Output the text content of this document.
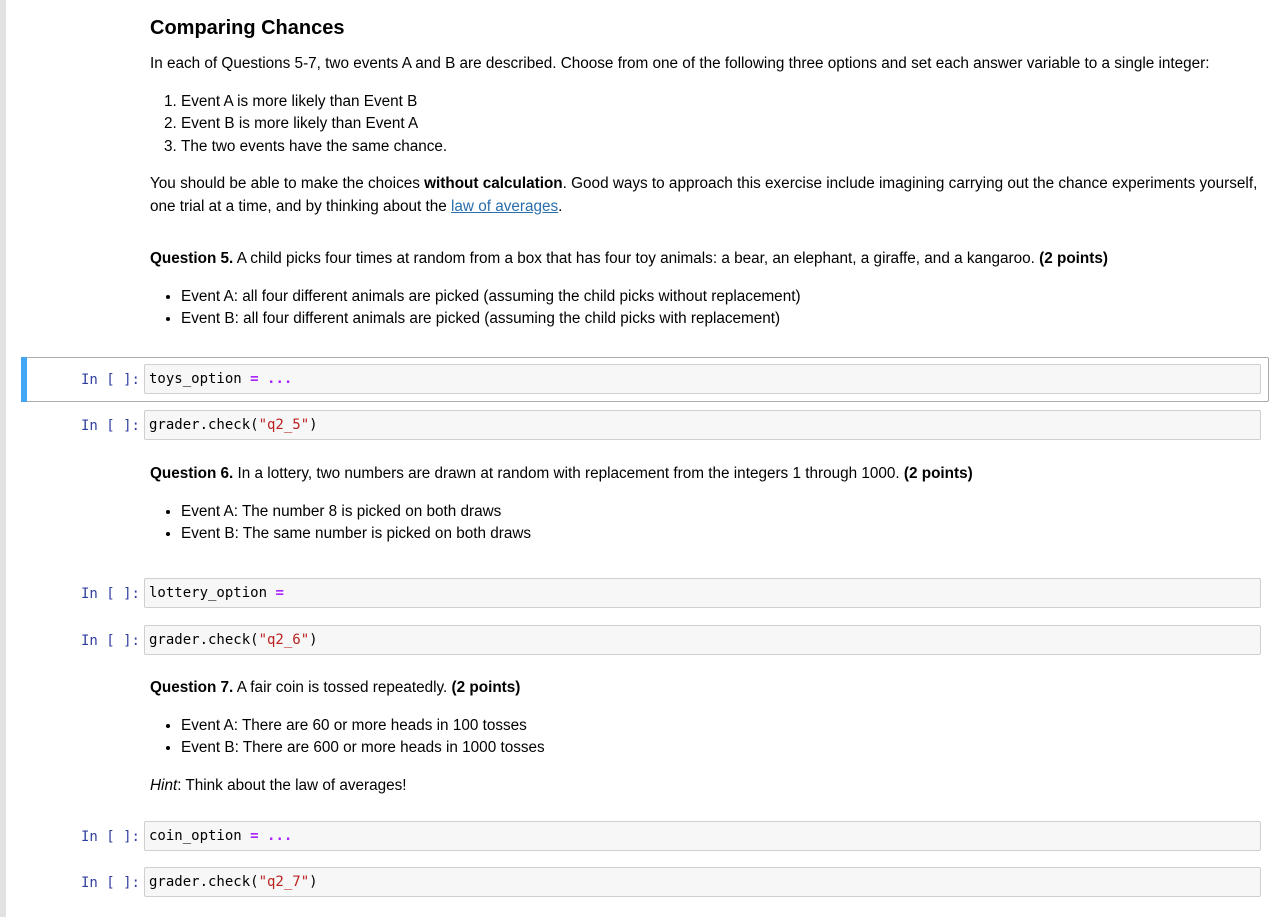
Comparing Chances

In each of Questions 5-7, two events A and B are described. Choose from one of the following three options and set each answer variable to a single integer:

1. Event A is more likely than Event B
2. Event B is more likely than Event A
3. The two events have the same chance.

You should be able to make the choices without calculation. Good ways to approach this exercise include imagining carrying out the chance experiments yourself, one trial at a time, and by thinking about the law of averages.

Question 5. A child picks four times at random from a box that has four toy animals: a bear, an elephant, a giraffe, and a kangaroo. (2 points)

• Event A: all four different animals are picked (assuming the child picks without replacement)
• Event B: all four different animals are picked (assuming the child picks with replacement)
In [ ]: toys_option = ...
In [ ]: grader.check("q2_5")

Question 6. In a lottery, two numbers are drawn at random with replacement from the integers 1 through 1000. (2 points)

• Event A: The number 8 is picked on both draws
• Event B: The same number is picked on both draws
In [ ]: lottery_option =
In [ ]: grader.check("q2_6")

Question 7. A fair coin is tossed repeatedly. (2 points)

• Event A: There are 60 or more heads in 100 tosses
• Event B: There are 600 or more heads in 1000 tosses

Hint: Think about the law of averages!

In [ ]: coin_option = ...
In [ ]: grader.check("q2_7")
